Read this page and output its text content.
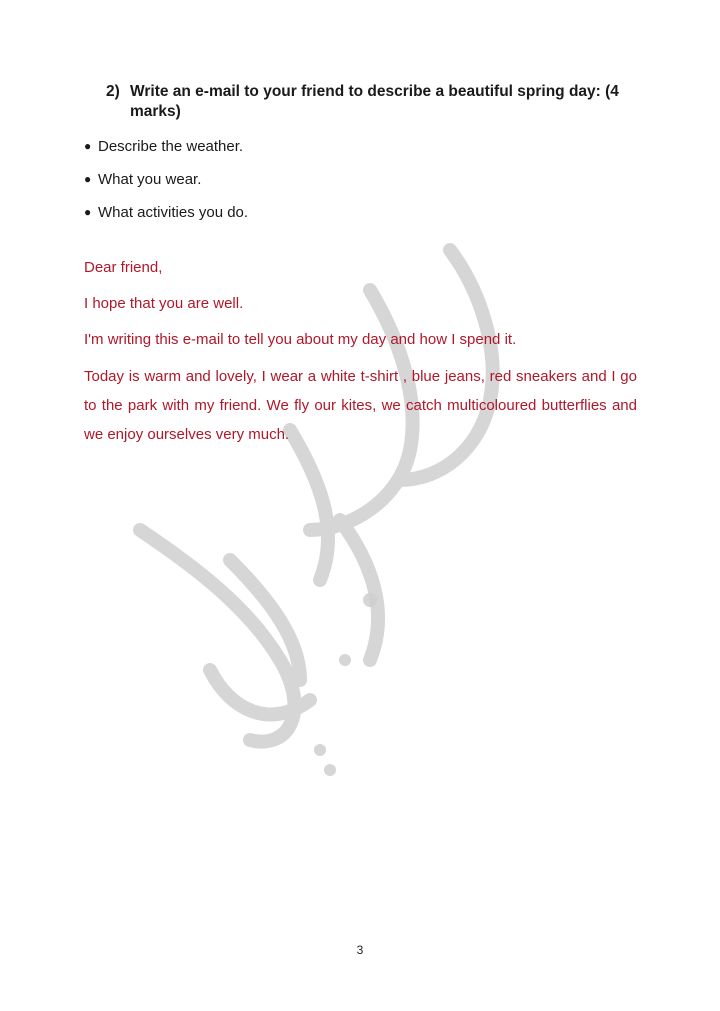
2) Write an e-mail to your friend to describe a beautiful spring day: (4 marks)
● Describe the weather.
● What you wear.
● What activities you do.

Dear friend,

I hope that you are well.

I'm writing this e-mail to tell you about my day and how I spend it.

Today is warm and lovely, I wear a white t-shirt , blue jeans, red sneakers and I go to the park with my friend. We fly our kites, we catch multicoloured butterflies and we enjoy ourselves very much.

3
